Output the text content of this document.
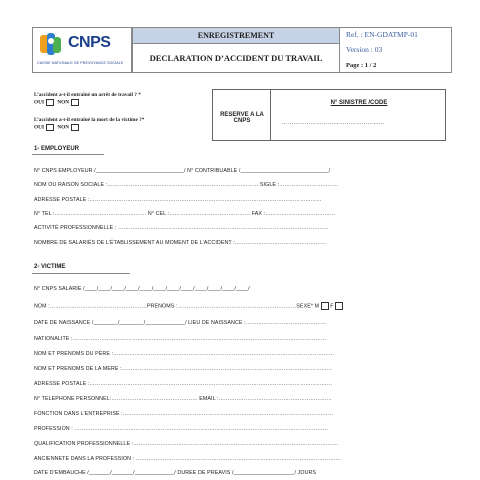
CNPS
CAISSE NATIONALE DE PREVOYANCE SOCIALE
ENREGISTREMENT
DECLARATION D’ACCIDENT DU TRAVAIL
Ref. : EN-GDATMP-01
Version : 03
Page : 1 / 2
L’accident a-t-il entraîné un arrêt de travail ? *
OUI	NON
L’accident a-t-il entraîné la mort de la victime ?*
OUI	NON
RESERVE A LA CNPS
N° SINISTRE /CODE
………………………………………………
1- EMPLOYEUR
N° CNPS EMPLOYEUR /_____________________________/ N° CONTRIBUABLE /_____________________________/
NOM OU RAISON SOCIALE :………………………………………………………………………… SIGLE :……………………………
ADRESSE POSTALE :…………………………………………………………………………………………………………………
N° TEL :…………………………………………… N° CEL :……………………………………… FAX :…………………………………
ACTIVITÉ PROFESSIONNELLE : ………………………………………………………………………………………………………
NOMBRE DE SALARIÉS DE L’ÉTABLISSEMENT AU MOMENT DE L’ACCIDENT :……………………………………………
2- VICTIME
N° CNPS SALARIE /____/____/____/____/____/____/____/____/____/____/____/____/
NOM :………………………………………………PRENOMS :…………………………………………………………SEXE* M F
DATE DE NAISSANCE /________/________/_____________/ LIEU DE NAISSANCE :………………………………………
NATIONALITE :……………………………………………………………………………………………………………………………
NOM ET PRENOMS DU PÈRE :……………………………………………………………………………………………………………
NOM ET PRENOMS DE LA MERE :………………………………………………………………………………………………………
ADRESSE POSTALE :………………………………………………………………………………………………………………………
N° TELEPHONE PERSONNEL:………………………………………… EMAIL :………………………………………………………
FONCTION DANS L’ENTREPRISE :………………………………………………………………………………………………………
PROFESSION : ……………………………………………………………………………………………………………………………
QUALIFICATION PROFESSIONNELLE :……………………………………………………………………………………………………
ANCIENNETE DANS LA PROFESSION : ……………………………………………………………………………………………………
DATE D’EMBAUCHE /_______/_______/_____________/ DUREE DE PREAVIS /____________________/ JOURS
